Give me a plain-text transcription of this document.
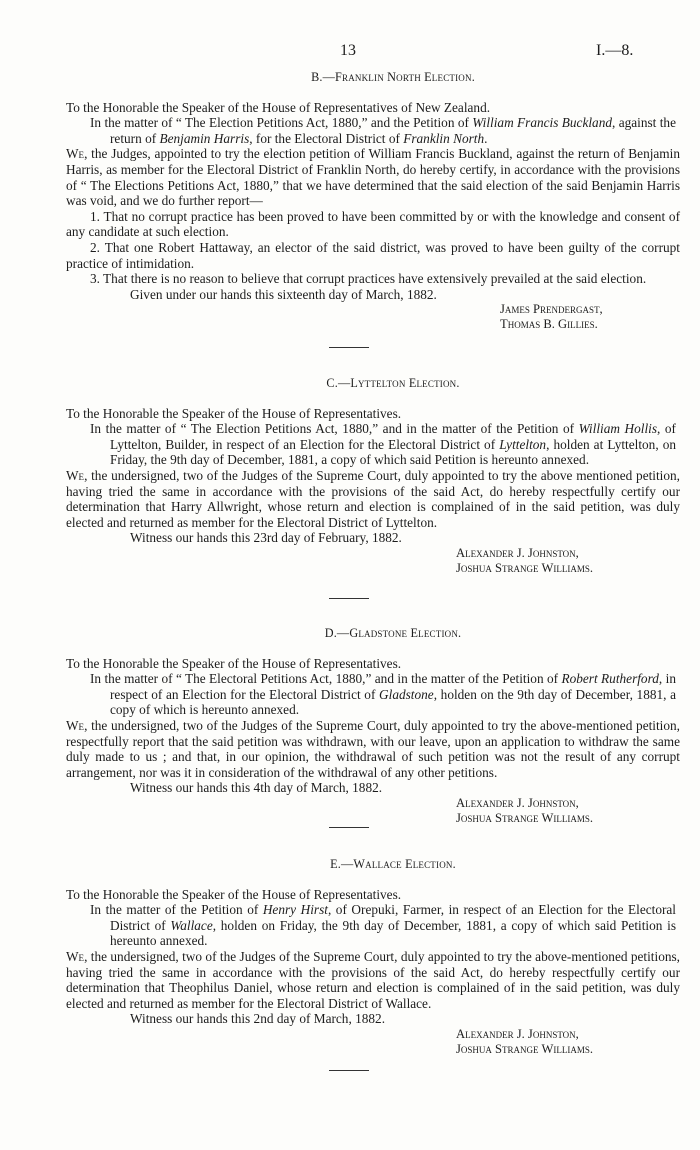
13	I.—8.
B.—Franklin North Election.

To the Honorable the Speaker of the House of Representatives of New Zealand.

In the matter of “ The Election Petitions Act, 1880,” and the Petition of William Francis Buckland, against the return of Benjamin Harris, for the Electoral District of Franklin North.

We, the Judges, appointed to try the election petition of William Francis Buckland, against the return of Benjamin Harris, as member for the Electoral District of Franklin North, do hereby certify, in accordance with the provisions of “ The Elections Petitions Act, 1880,” that we have determined that the said election of the said Benjamin Harris was void, and we do further report—

1. That no corrupt practice has been proved to have been committed by or with the knowledge and consent of any candidate at such election.

2. That one Robert Hattaway, an elector of the said district, was proved to have been guilty of the corrupt practice of intimidation.

3. That there is no reason to believe that corrupt practices have extensively prevailed at the said election.

Given under our hands this sixteenth day of March, 1882.

James Prendergast,
Thomas B. Gillies.
C.—Lyttelton Election.

To the Honorable the Speaker of the House of Representatives.

In the matter of “ The Election Petitions Act, 1880,” and in the matter of the Petition of William Hollis, of Lyttelton, Builder, in respect of an Election for the Electoral District of Lyttelton, holden at Lyttelton, on Friday, the 9th day of December, 1881, a copy of which said Petition is hereunto annexed.

We, the undersigned, two of the Judges of the Supreme Court, duly appointed to try the above mentioned petition, having tried the same in accordance with the provisions of the said Act, do hereby respectfully certify our determination that Harry Allwright, whose return and election is complained of in the said petition, was duly elected and returned as member for the Electoral District of Lyttelton.

Witness our hands this 23rd day of February, 1882.

Alexander J. Johnston,
Joshua Strange Williams.
D.—Gladstone Election.

To the Honorable the Speaker of the House of Representatives.

In the matter of “ The Electoral Petitions Act, 1880,” and in the matter of the Petition of Robert Rutherford, in respect of an Election for the Electoral District of Gladstone, holden on the 9th day of December, 1881, a copy of which is hereunto annexed.

We, the undersigned, two of the Judges of the Supreme Court, duly appointed to try the above-mentioned petition, respectfully report that the said petition was withdrawn, with our leave, upon an application to withdraw the same duly made to us ; and that, in our opinion, the withdrawal of such petition was not the result of any corrupt arrangement, nor was it in consideration of the withdrawal of any other petitions.

Witness our hands this 4th day of March, 1882.

Alexander J. Johnston,
Joshua Strange Williams.
E.—Wallace Election.

To the Honorable the Speaker of the House of Representatives.

In the matter of the Petition of Henry Hirst, of Orepuki, Farmer, in respect of an Election for the Electoral District of Wallace, holden on Friday, the 9th day of December, 1881, a copy of which said Petition is hereunto annexed.

We, the undersigned, two of the Judges of the Supreme Court, duly appointed to try the above-mentioned petitions, having tried the same in accordance with the provisions of the said Act, do hereby respectfully certify our determination that Theophilus Daniel, whose return and election is complained of in the said petition, was duly elected and returned as member for the Electoral District of Wallace.

Witness our hands this 2nd day of March, 1882.

Alexander J. Johnston,
Joshua Strange Williams.
